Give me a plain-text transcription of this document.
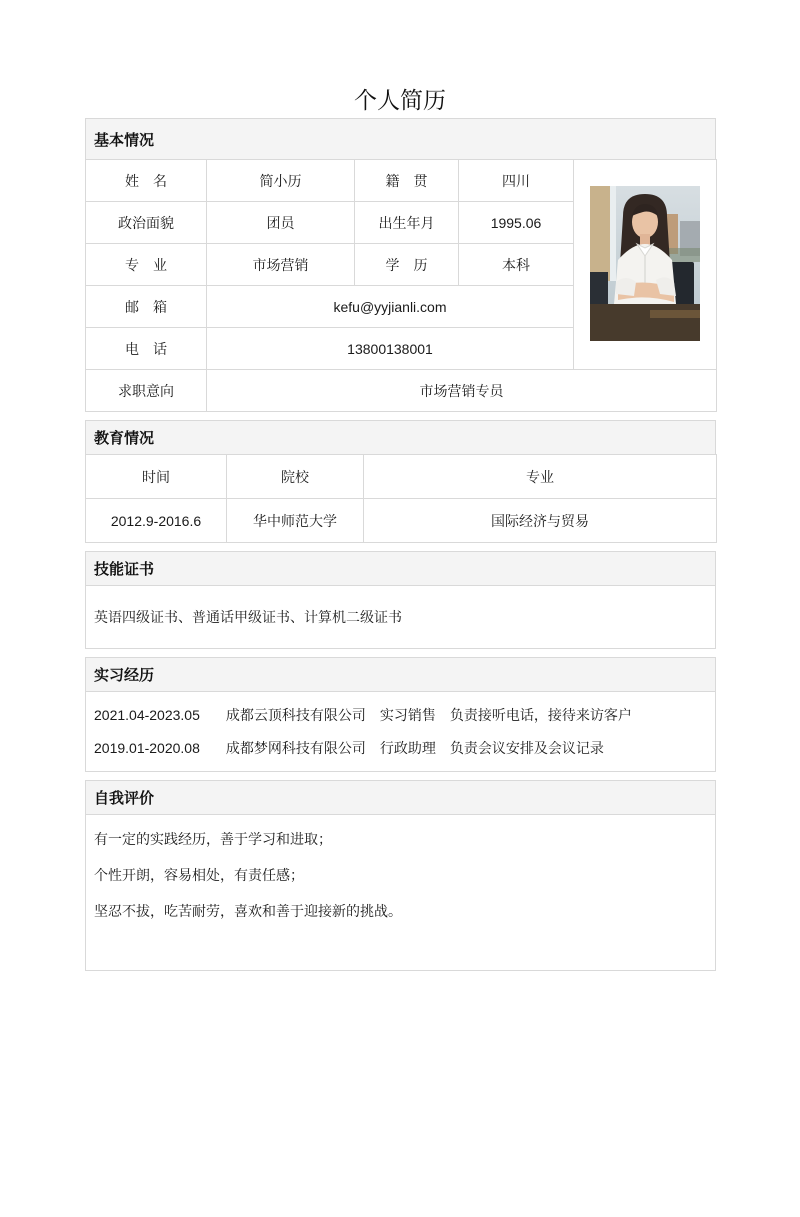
个人简历
基本情况
姓　名	简小历	籍　贯	四川	
政治面貌	团员	出生年月	1995.06	
专　业	市场营销	学　历	本科	
邮　箱	kefu@yyjianli.com			
电　话	13800138001			
求职意向	市场营销专员			
教育情况
时间	院校	专业
2012.9-2016.6	华中师范大学	国际经济与贸易
技能证书
英语四级证书、普通话甲级证书、计算机二级证书
实习经历
2021.04-2023.05 成都云顶科技有限公司 实习销售 负责接听电话，接待来访客户
2019.01-2020.08 成都梦网科技有限公司 行政助理 负责会议安排及会议记录
自我评价

有一定的实践经历，善于学习和进取；

个性开朗，容易相处，有责任感；

坚忍不拔，吃苦耐劳，喜欢和善于迎接新的挑战。
